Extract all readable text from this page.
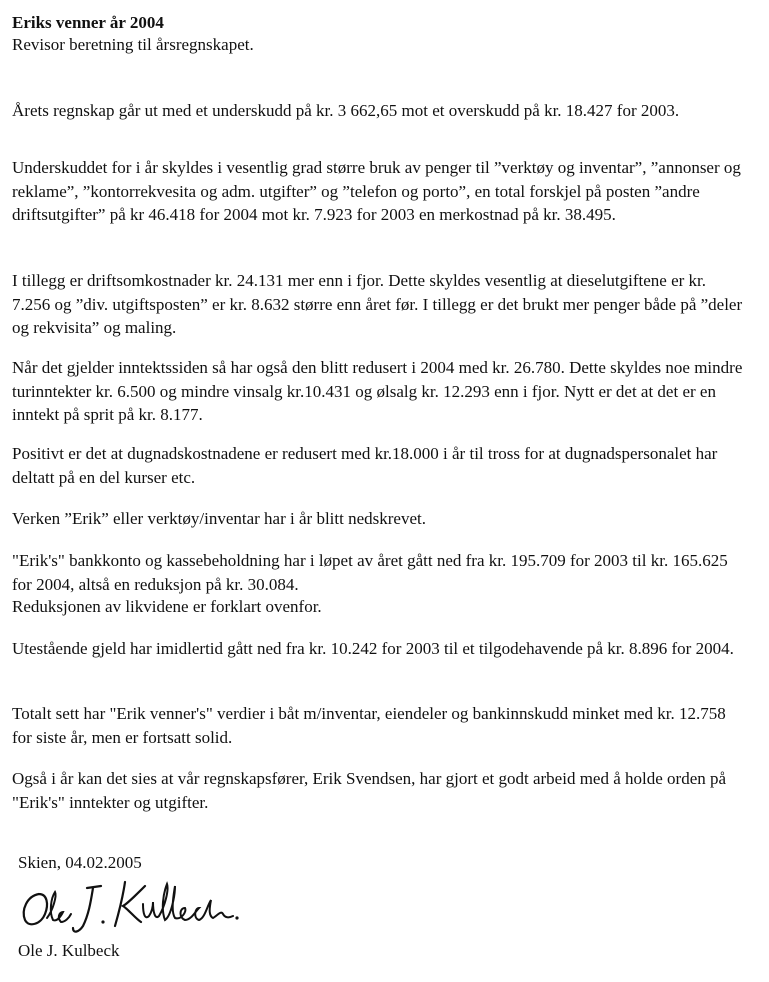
Eriks venner år 2004
Revisor beretning til årsregnskapet.

Årets regnskap går ut med et underskudd på kr. 3 662,65 mot et overskudd på kr. 18.427 for 2003.

Underskuddet for i år skyldes i vesentlig grad større bruk av penger til ”verktøy og inventar”, ”annonser og reklame”, ”kontorrekvesita og adm. utgifter” og ”telefon og porto”, en total forskjel på posten ”andre driftsutgifter” på kr 46.418 for 2004 mot kr. 7.923 for 2003 en merkostnad på kr. 38.495.

I tillegg er driftsomkostnader kr. 24.131 mer enn i fjor. Dette skyldes vesentlig at dieselutgiftene er kr. 7.256 og ”div. utgiftsposten” er kr. 8.632 større enn året før. I tillegg er det brukt mer penger både på ”deler og rekvisita” og maling.

Når det gjelder inntektssiden så har også den blitt redusert i 2004 med kr. 26.780. Dette skyldes noe mindre turinntekter kr. 6.500 og mindre vinsalg kr.10.431 og ølsalg kr. 12.293 enn i fjor. Nytt er det at det er en inntekt på sprit på kr. 8.177.

Positivt er det at dugnadskostnadene er redusert med kr.18.000 i år til tross for at dugnadspersonalet har deltatt på en del kurser etc.

Verken ”Erik” eller verktøy/inventar har i år blitt nedskrevet.

"Erik's" bankkonto og kassebeholdning har i løpet av året gått ned fra kr. 195.709 for 2003 til kr. 165.625 for 2004, altså en reduksjon på kr. 30.084.

Reduksjonen av likvidene er forklart ovenfor.

Utestående gjeld har imidlertid gått ned fra kr. 10.242 for 2003 til et tilgodehavende på kr. 8.896 for 2004.

Totalt sett har "Erik venner's" verdier i båt m/inventar, eiendeler og bankinnskudd minket med kr. 12.758 for siste år, men er fortsatt solid.

Også i år kan det sies at vår regnskapsfører, Erik Svendsen, har gjort et godt arbeid med å holde orden på "Erik's" inntekter og utgifter.

Skien, 04.02.2005
Ole J. Kulbeck
Ole J. Kulbeck
